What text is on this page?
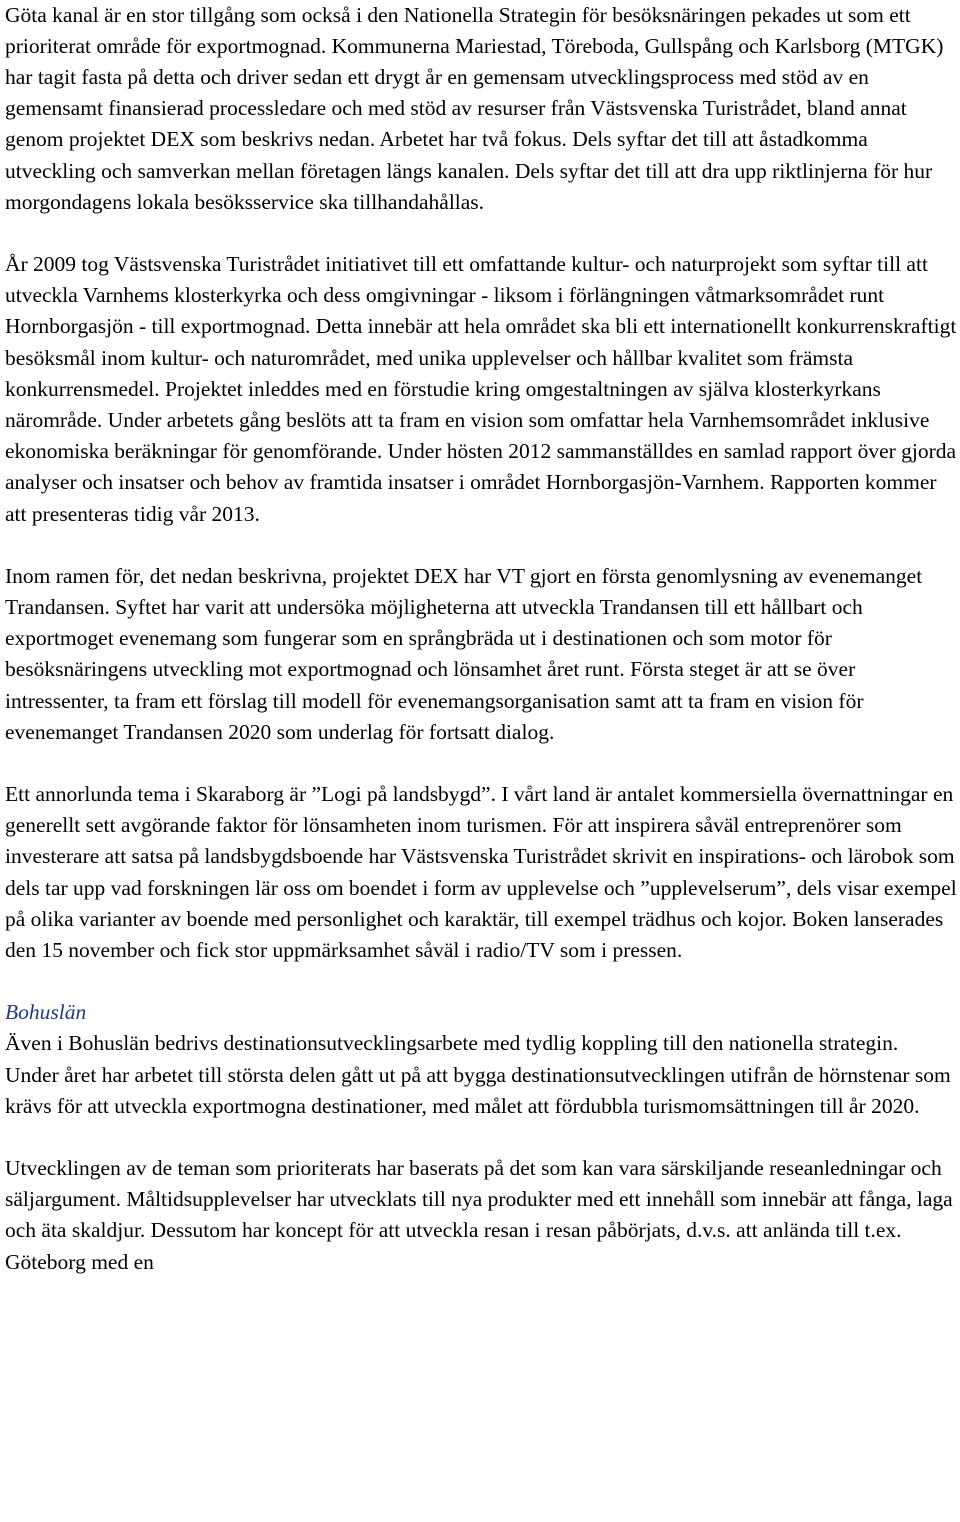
Göta kanal är en stor tillgång som också i den Nationella Strategin för besöksnäringen pekades ut som ett prioriterat område för exportmognad. Kommunerna Mariestad, Töreboda, Gullspång och Karlsborg (MTGK) har tagit fasta på detta och driver sedan ett drygt år en gemensam utvecklingsprocess med stöd av en gemensamt finansierad processledare och med stöd av resurser från Västsvenska Turistrådet, bland annat genom projektet DEX som beskrivs nedan. Arbetet har två fokus. Dels syftar det till att åstadkomma utveckling och samverkan mellan företagen längs kanalen. Dels syftar det till att dra upp riktlinjerna för hur morgondagens lokala besöksservice ska tillhandahållas.

År 2009 tog Västsvenska Turistrådet initiativet till ett omfattande kultur- och naturprojekt som syftar till att utveckla Varnhems klosterkyrka och dess omgivningar - liksom i förlängningen våtmarksområdet runt Hornborgasjön - till exportmognad. Detta innebär att hela området ska bli ett internationellt konkurrenskraftigt besöksmål inom kultur- och naturområdet, med unika upplevelser och hållbar kvalitet som främsta konkurrensmedel. Projektet inleddes med en förstudie kring omgestaltningen av själva klosterkyrkans närområde. Under arbetets gång beslöts att ta fram en vision som omfattar hela Varnhemsområdet inklusive ekonomiska beräkningar för genomförande. Under hösten 2012 sammanställdes en samlad rapport över gjorda analyser och insatser och behov av framtida insatser i området Hornborgasjön-Varnhem. Rapporten kommer att presenteras tidig vår 2013.

Inom ramen för, det nedan beskrivna, projektet DEX har VT gjort en första genomlysning av evenemanget Trandansen. Syftet har varit att undersöka möjligheterna att utveckla Trandansen till ett hållbart och exportmoget evenemang som fungerar som en språngbräda ut i destinationen och som motor för besöksnäringens utveckling mot exportmognad och lönsamhet året runt. Första steget är att se över intressenter, ta fram ett förslag till modell för evenemangsorganisation samt att ta fram en vision för evenemanget Trandansen 2020 som underlag för fortsatt dialog.

Ett annorlunda tema i Skaraborg är ”Logi på landsbygd”. I vårt land är antalet kommersiella övernattningar en generellt sett avgörande faktor för lönsamheten inom turismen. För att inspirera såväl entreprenörer som investerare att satsa på landsbygdsboende har Västsvenska Turistrådet skrivit en inspirations- och lärobok som dels tar upp vad forskningen lär oss om boendet i form av upplevelse och ”upplevelserum”, dels visar exempel på olika varianter av boende med personlighet och karaktär, till exempel trädhus och kojor. Boken lanserades den 15 november och fick stor uppmärksamhet såväl i radio/TV som i pressen.

Bohuslän

Även i Bohuslän bedrivs destinationsutvecklingsarbete med tydlig koppling till den nationella strategin. Under året har arbetet till största delen gått ut på att bygga destinationsutvecklingen utifrån de hörnstenar som krävs för att utveckla exportmogna destinationer, med målet att fördubbla turismomsättningen till år 2020.

Utvecklingen av de teman som prioriterats har baserats på det som kan vara särskiljande reseanledningar och säljargument. Måltidsupplevelser har utvecklats till nya produkter med ett innehåll som innebär att fånga, laga och äta skaldjur. Dessutom har koncept för att utveckla resan i resan påbörjats, d.v.s. att anlända till t.ex. Göteborg med en
